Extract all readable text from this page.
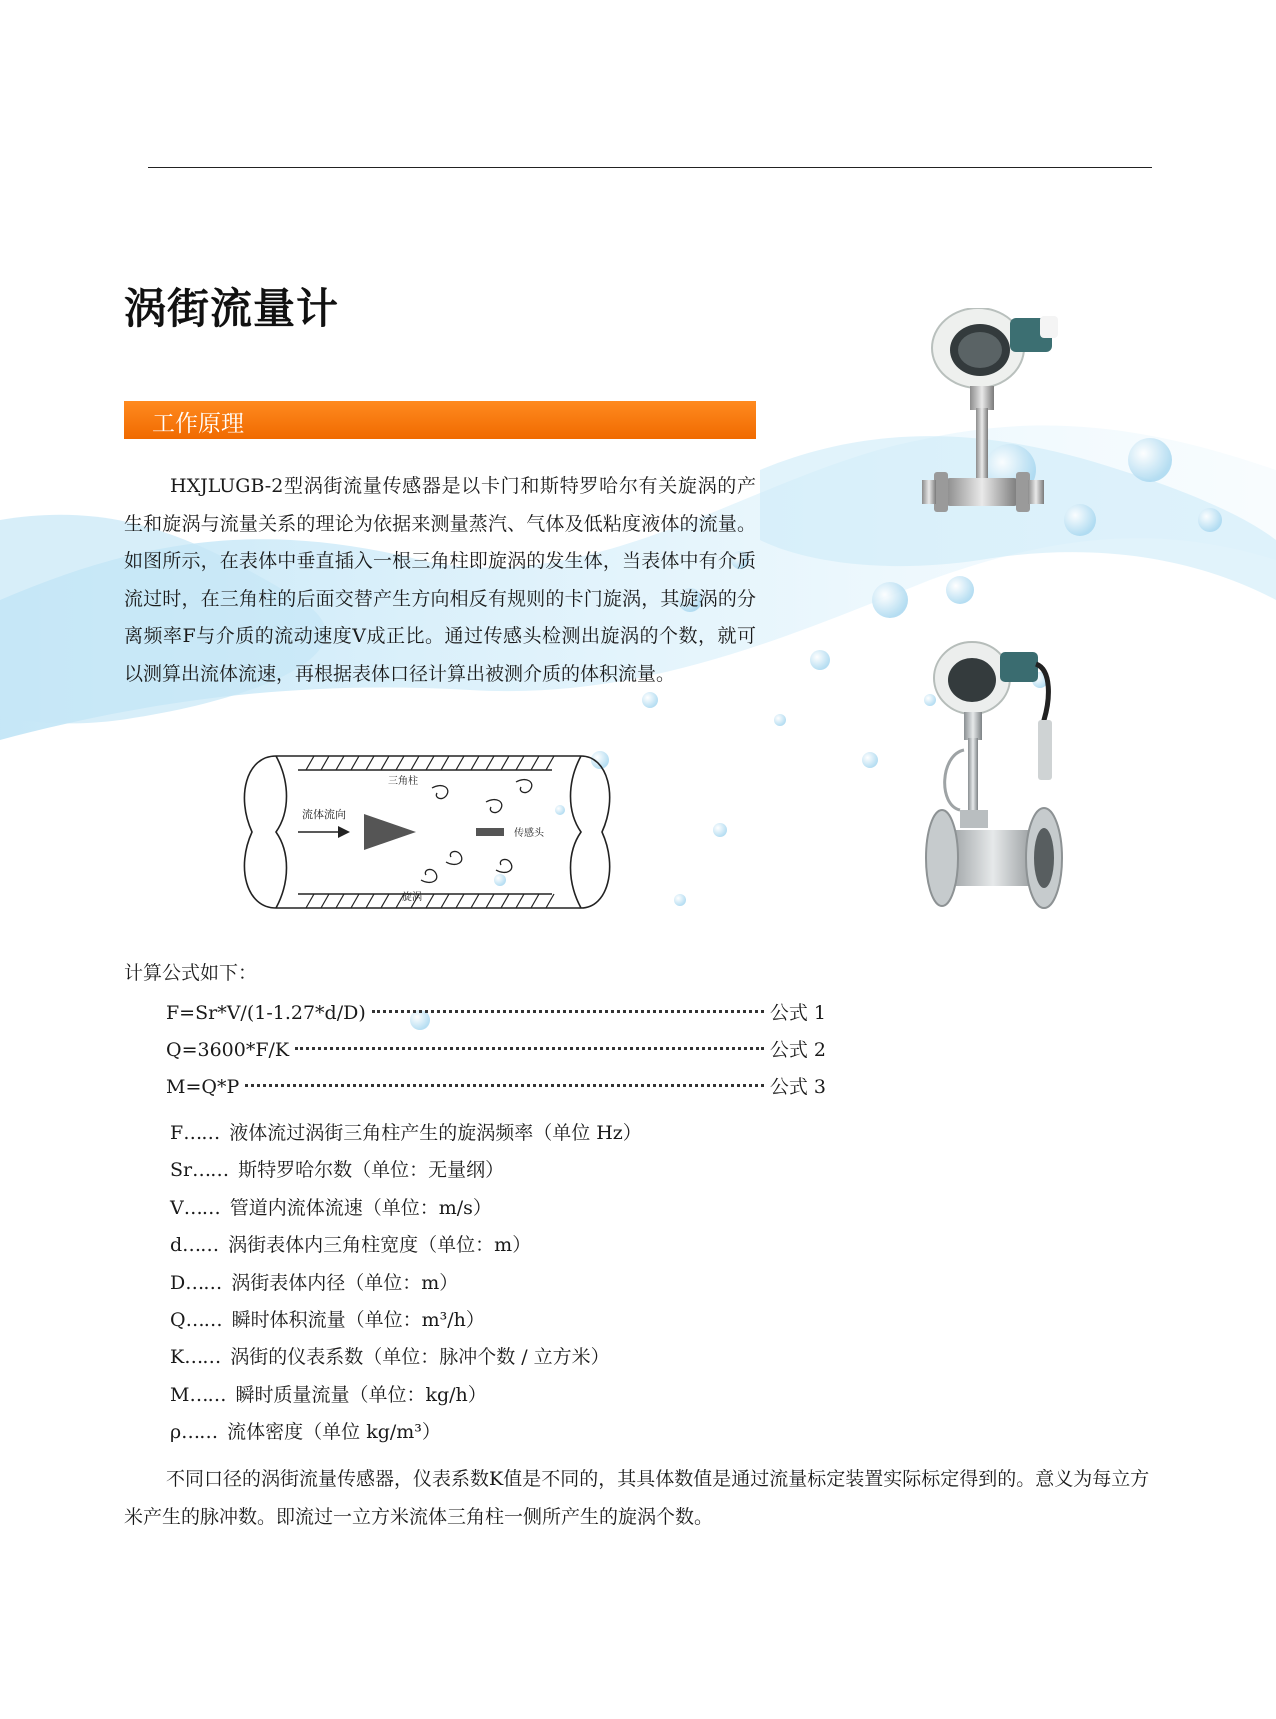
涡街流量计
工作原理

HXJLUGB-2型涡街流量传感器是以卡门和斯特罗哈尔有关旋涡的产生和旋涡与流量关系的理论为依据来测量蒸汽、气体及低粘度液体的流量。如图所示，在表体中垂直插入一根三角柱即旋涡的发生体，当表体中有介质流过时，在三角柱的后面交替产生方向相反有规则的卡门旋涡，其旋涡的分离频率F与介质的流动速度V成正比。通过传感头检测出旋涡的个数，就可以测算出流体流速，再根据表体口径计算出被测介质的体积流量。

流体流向
三角柱
传感头
旋涡

计算公式如下：

F=Sr*V/(1-1.27*d/D)	公式 1
Q=3600*F/K	公式 2
M=Q*P	公式 3
F…… 液体流过涡街三角柱产生的旋涡频率（单位 Hz）
Sr…… 斯特罗哈尔数（单位：无量纲）
V…… 管道内流体流速（单位：m/s）
d…… 涡街表体内三角柱宽度（单位：m）
D…… 涡街表体内径（单位：m）
Q…… 瞬时体积流量（单位：m³/h）
K…… 涡街的仪表系数（单位：脉冲个数 / 立方米）
M…… 瞬时质量流量（单位：kg/h）
ρ…… 流体密度（单位 kg/m³）

不同口径的涡街流量传感器，仪表系数K值是不同的，其具体数值是通过流量标定装置实际标定得到的。意义为每立方米产生的脉冲数。即流过一立方米流体三角柱一侧所产生的旋涡个数。
